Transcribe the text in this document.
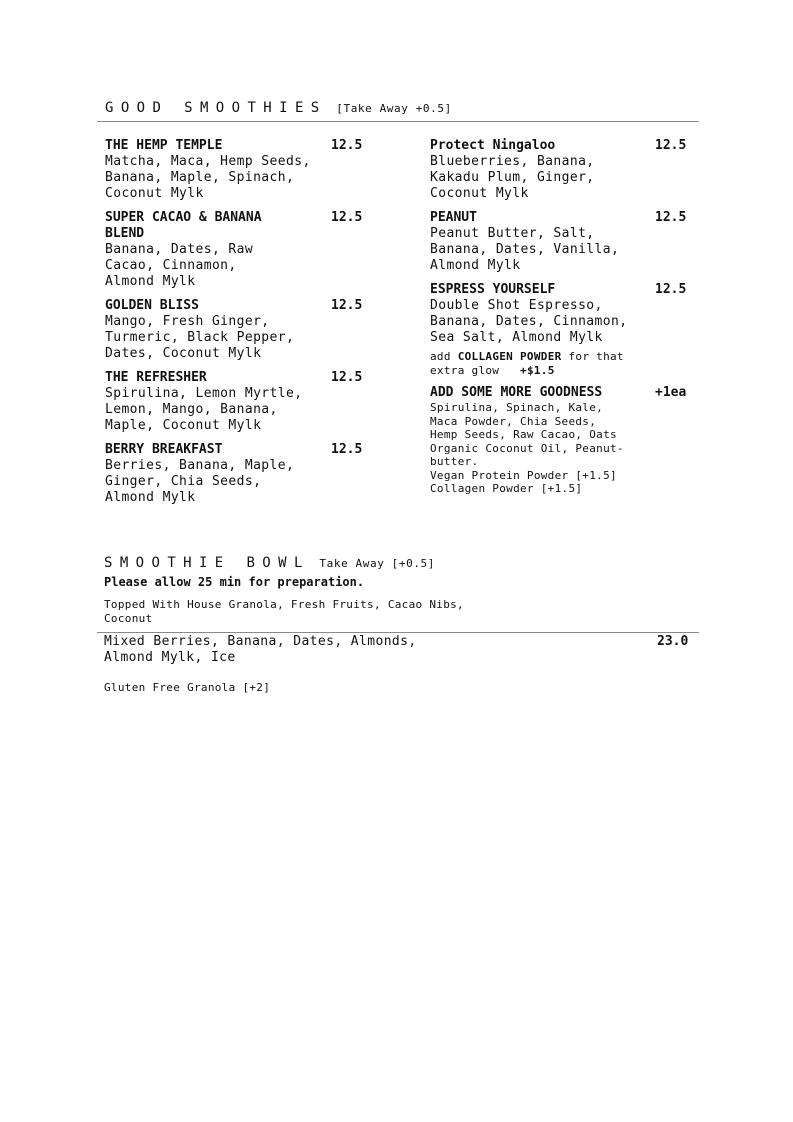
GOOD SMOOTHIES [Take Away +0.5]
THE HEMP TEMPLE	12.5
Matcha, Maca, Hemp Seeds, Banana, Maple, Spinach, Coconut Mylk
SUPER CACAO & BANANA BLEND
12.5
Banana, Dates, Raw Cacao, Cinnamon, Almond Mylk
GOLDEN BLISS	12.5
Mango, Fresh Ginger, Turmeric, Black Pepper, Dates, Coconut Mylk
THE REFRESHER	12.5
Spirulina, Lemon Myrtle, Lemon, Mango, Banana, Maple, Coconut Mylk
BERRY BREAKFAST	12.5
Berries, Banana, Maple, Ginger, Chia Seeds, Almond Mylk
Protect Ningaloo	12.5
Blueberries, Banana, Kakadu Plum, Ginger, Coconut Mylk
PEANUT	12.5
Peanut Butter, Salt, Banana, Dates, Vanilla, Almond Mylk
ESPRESS YOURSELF	12.5
Double Shot Espresso, Banana, Dates, Cinnamon, Sea Salt, Almond Mylk
add COLLAGEN POWDER for that extra glow +$1.5
ADD SOME MORE GOODNESS	+1ea
Spirulina, Spinach, Kale,
Maca Powder, Chia Seeds,
Hemp Seeds, Raw Cacao, Oats
Organic Coconut Oil, Peanut-butter.
Vegan Protein Powder [+1.5]
Collagen Powder [+1.5]
SMOOTHIE BOWL Take Away [+0.5]
Please allow 25 min for preparation.
Topped With House Granola, Fresh Fruits, Cacao Nibs, Coconut
Mixed Berries, Banana, Dates, Almonds, Almond Mylk, Ice
23.0
Gluten Free Granola [+2]
